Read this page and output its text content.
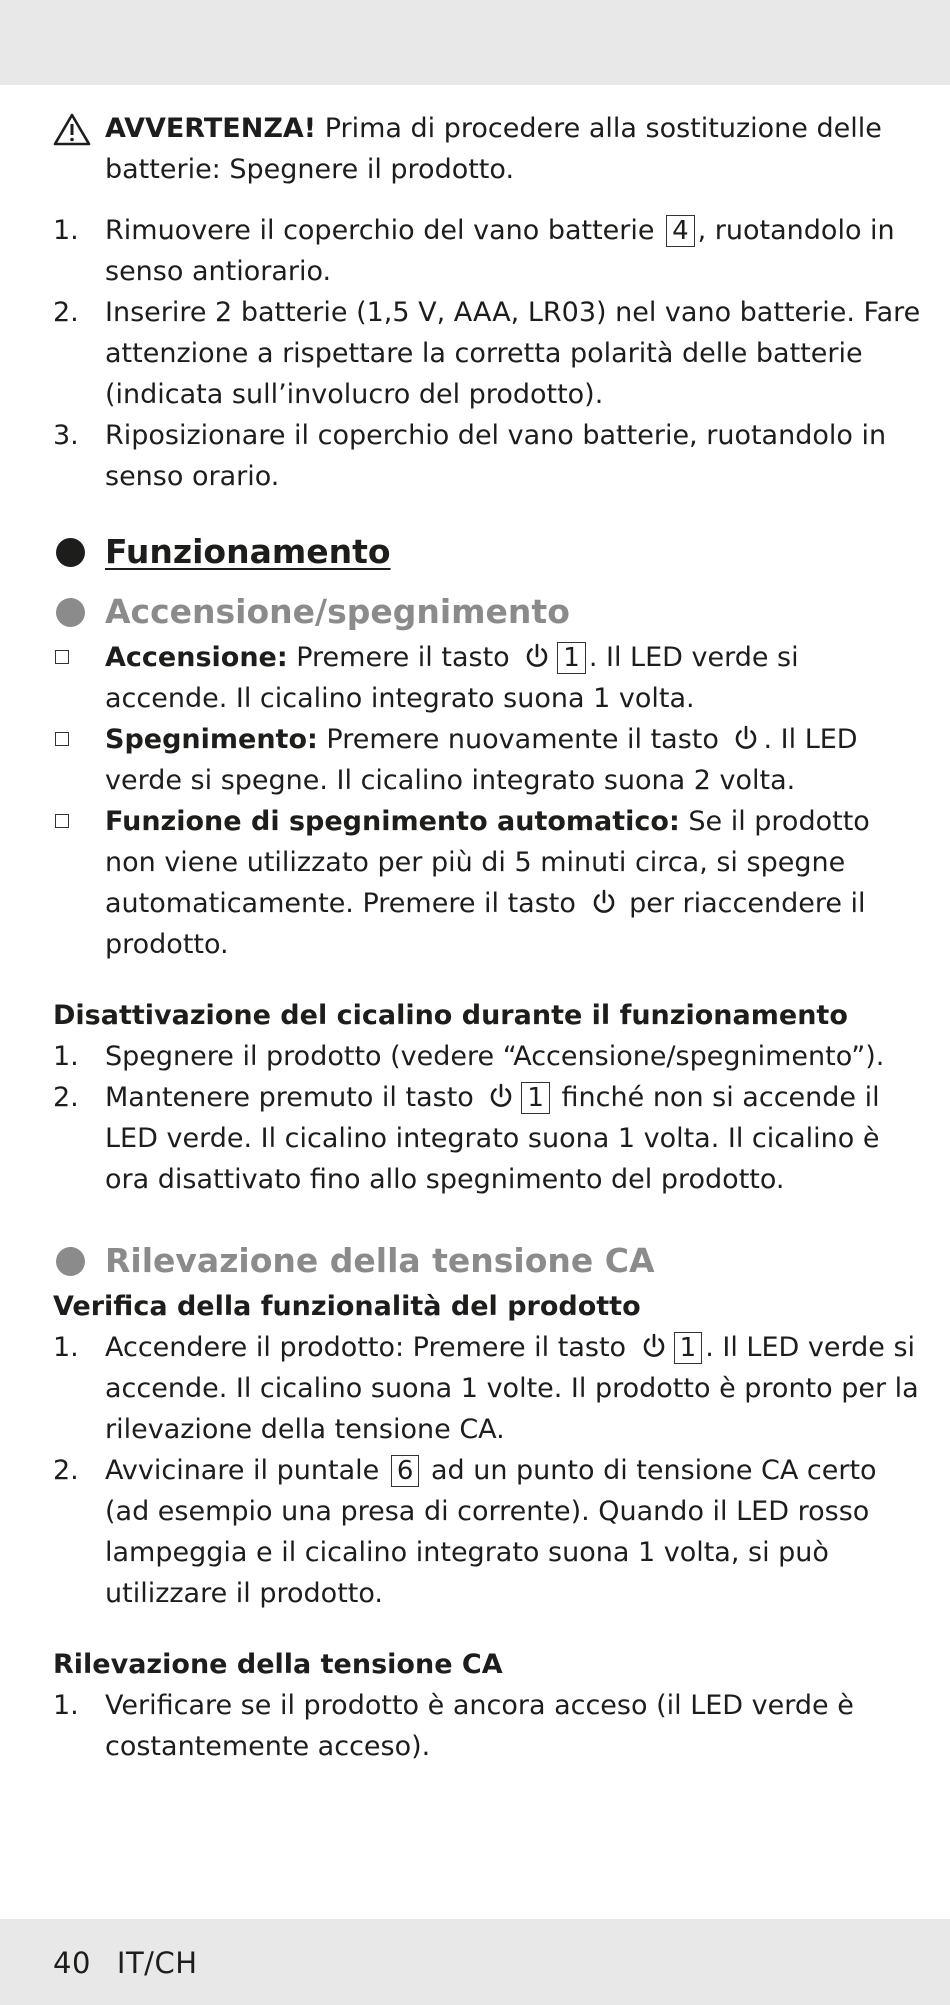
AVVERTENZA! Prima di procedere alla sostituzione delle batterie: Spegnere il prodotto.

1. Rimuovere il coperchio del vano batterie 4 , ruotandolo in senso antiorario.

2. Inserire 2 batterie (1,5 V, AAA, LR03) nel vano batterie. Fare attenzione a rispettare la corretta polarità delle batterie (indicata sull’involucro del prodotto).

3. Riposizionare il coperchio del vano batterie, ruotandolo in senso orario.

Funzionamento
Accensione/spegnimento

Accensione: Premere il tasto 1 . Il LED verde si accende. Il cicalino integrato suona 1 volta.

Spegnimento: Premere nuovamente il tasto . Il LED verde si spegne. Il cicalino integrato suona 2 volta.

Funzione di spegnimento automatico: Se il prodotto non viene utilizzato per più di 5 minuti circa, si spegne automaticamente. Premere il tasto  per riaccendere il prodotto.

Disattivazione del cicalino durante il funzionamento

1. Spegnere il prodotto (vedere “Accensione/spegnimento”).

2. Mantenere premuto il tasto 1 finché non si accende il LED verde. Il cicalino integrato suona 1 volta. Il cicalino è ora disattivato fino allo spegnimento del prodotto.

Rilevazione della tensione CA
Verifica della funzionalità del prodotto

1. Accendere il prodotto: Premere il tasto 1 . Il LED verde si accende. Il cicalino suona 1 volte. Il prodotto è pronto per la rilevazione della tensione CA.

2. Avvicinare il puntale 6 ad un punto di tensione CA certo (ad esempio una presa di corrente). Quando il LED rosso lampeggia e il cicalino integrato suona 1 volta, si può utilizzare il prodotto.

Rilevazione della tensione CA

1. Verificare se il prodotto è ancora acceso (il LED verde è costantemente acceso).

40 IT/CH
